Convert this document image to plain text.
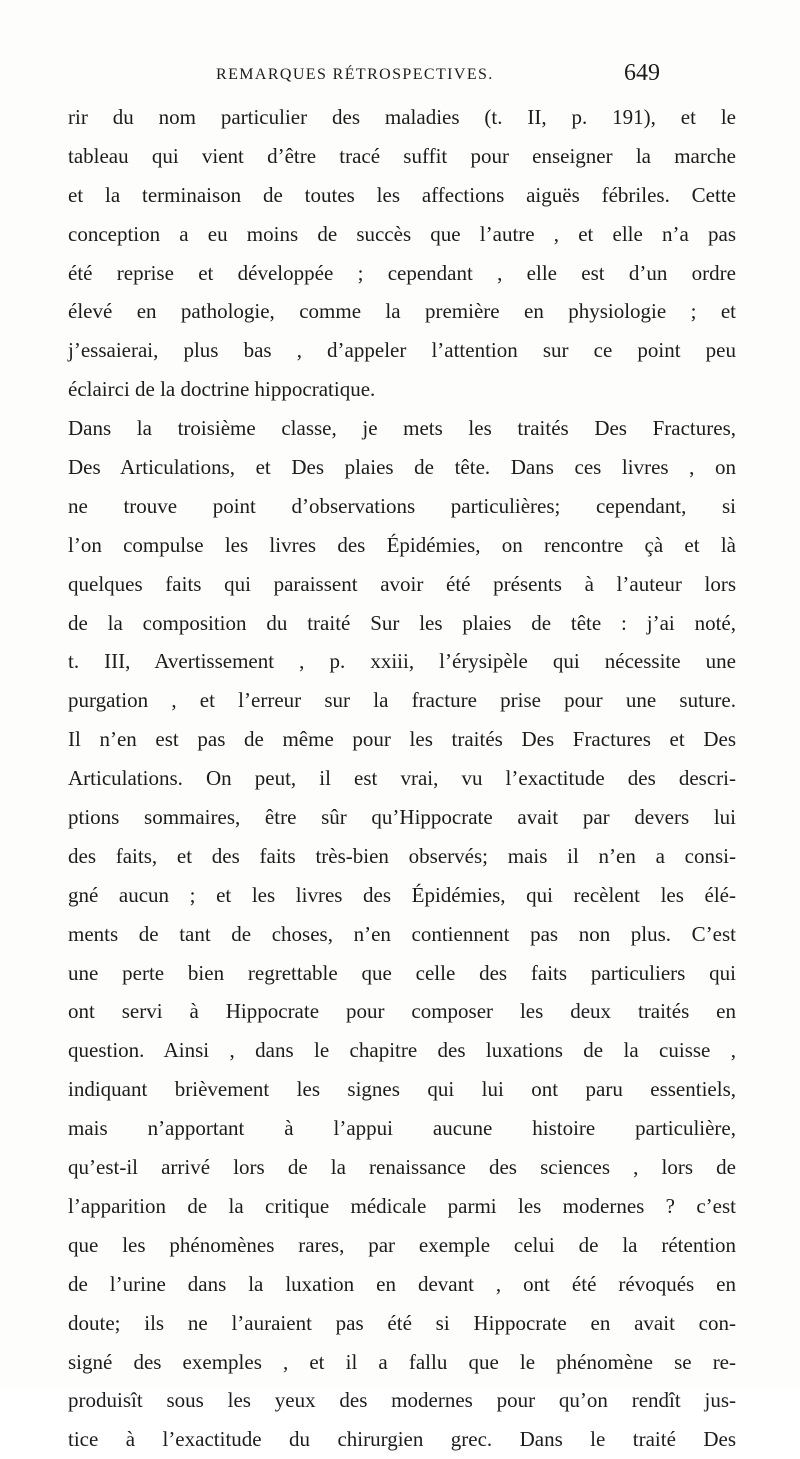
REMARQUES RÉTROSPECTIVES.	649
rir du nom particulier des maladies (t. II, p. 191), et le
tableau qui vient d’être tracé suffit pour enseigner la marche
et la terminaison de toutes les affections aiguës fébriles. Cette
conception a eu moins de succès que l’autre , et elle n’a pas
été reprise et développée ; cependant , elle est d’un ordre
élevé en pathologie, comme la première en physiologie ; et
j’essaierai, plus bas , d’appeler l’attention sur ce point peu
éclairci de la doctrine hippocratique.
Dans la troisième classe, je mets les traités Des Fractures,
Des Articulations, et Des plaies de tête. Dans ces livres , on
ne trouve point d’observations particulières; cependant, si
l’on compulse les livres des Épidémies, on rencontre çà et là
quelques faits qui paraissent avoir été présents à l’auteur lors
de la composition du traité Sur les plaies de tête : j’ai noté,
t. III, Avertissement , p. xxiii, l’érysipèle qui nécessite une
purgation , et l’erreur sur la fracture prise pour une suture.
Il n’en est pas de même pour les traités Des Fractures et Des
Articulations. On peut, il est vrai, vu l’exactitude des descri-
ptions sommaires, être sûr qu’Hippocrate avait par devers lui
des faits, et des faits très-bien observés; mais il n’en a consi-
gné aucun ; et les livres des Épidémies, qui recèlent les élé-
ments de tant de choses, n’en contiennent pas non plus. C’est
une perte bien regrettable que celle des faits particuliers qui
ont servi à Hippocrate pour composer les deux traités en
question. Ainsi , dans le chapitre des luxations de la cuisse ,
indiquant brièvement les signes qui lui ont paru essentiels,
mais n’apportant à l’appui aucune histoire particulière,
qu’est-il arrivé lors de la renaissance des sciences , lors de
l’apparition de la critique médicale parmi les modernes ? c’est
que les phénomènes rares, par exemple celui de la rétention
de l’urine dans la luxation en devant , ont été révoqués en
doute; ils ne l’auraient pas été si Hippocrate en avait con-
signé des exemples , et il a fallu que le phénomène se re-
produisît sous les yeux des modernes pour qu’on rendît jus-
tice à l’exactitude du chirurgien grec. Dans le traité Des
